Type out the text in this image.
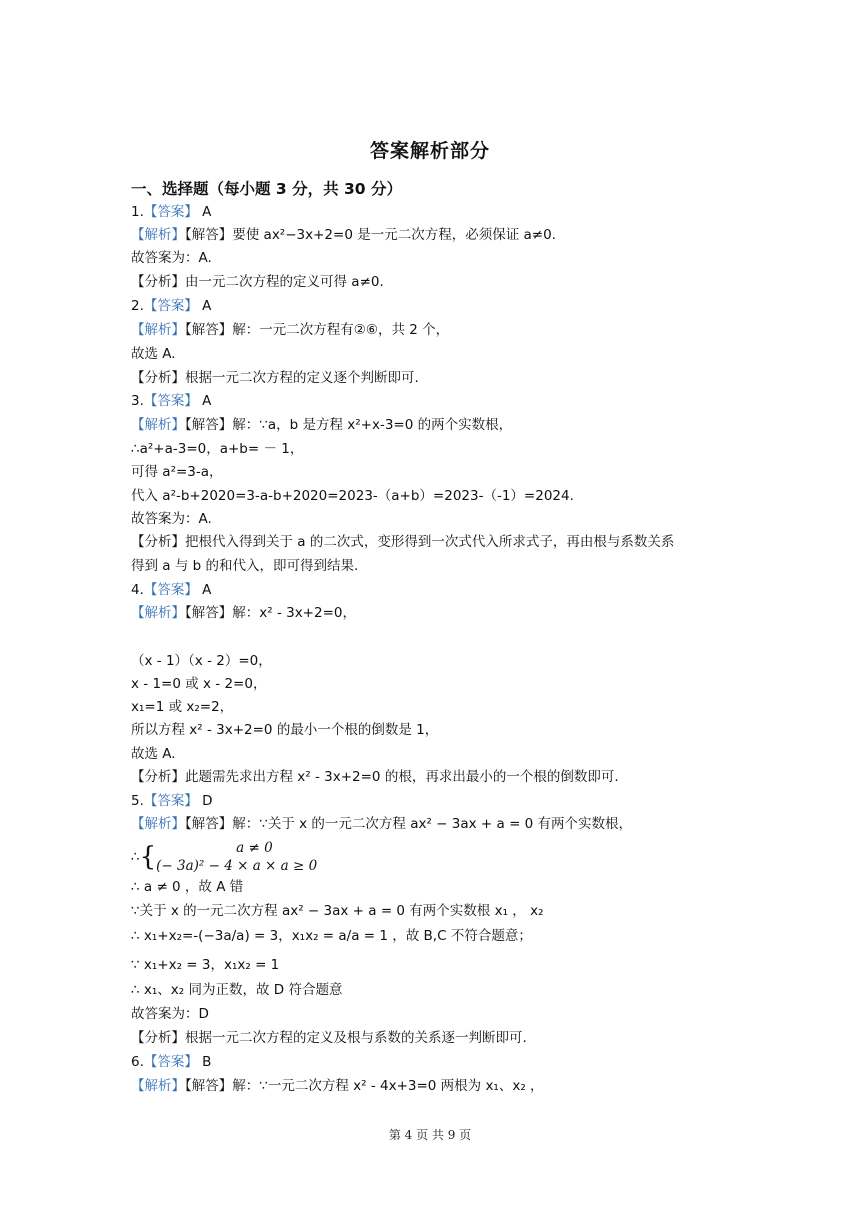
答案解析部分
一、选择题（每小题 3 分，共 30 分）
1.【答案】 A
【解析】【解答】要使 ax²−3x+2=0 是一元二次方程，必须保证 a≠0.
故答案为：A.
【分析】由一元二次方程的定义可得 a≠0.
2.【答案】 A
【解析】【解答】解：一元二次方程有②⑥，共 2 个，
故选 A.
【分析】根据一元二次方程的定义逐个判断即可.
3.【答案】 A
【解析】【解答】解：∵a，b 是方程 x²+x-3=0 的两个实数根，
∴a²+a-3=0，a+b= － 1，
可得 a²=3-a，
代入 a²-b+2020=3-a-b+2020=2023-（a+b）=2023-（-1）=2024.
故答案为：A.
【分析】把根代入得到关于 a 的二次式，变形得到一次式代入所求式子，再由根与系数关系
得到 a 与 b 的和代入，即可得到结果.
4.【答案】 A
【解析】【解答】解：x² - 3x+2=0，
（x - 1）（x - 2）=0，
x - 1=0 或 x - 2=0，
x₁=1 或 x₂=2，
所以方程 x² - 3x+2=0 的最小一个根的倒数是 1，
故选 A.
【分析】此题需先求出方程 x² - 3x+2=0 的根，再求出最小的一个根的倒数即可.
5.【答案】 D
【解析】【解答】解：∵关于 x 的一元二次方程 ax² − 3ax + a = 0 有两个实数根，
∴{	a ≠ 0
(− 3a)² − 4 × a × a ≥ 0
∴ a ≠ 0 ，故 A 错
∵关于 x 的一元二次方程 ax² − 3ax + a = 0 有两个实数根 x₁ ， x₂
∴ x₁+x₂=-(−3a/a) = 3，x₁x₂ = a/a = 1 ，故 B,C 不符合题意；
∵ x₁+x₂ = 3，x₁x₂ = 1
∴ x₁、x₂ 同为正数，故 D 符合题意
故答案为：D
【分析】根据一元二次方程的定义及根与系数的关系逐一判断即可.
6.【答案】 B
【解析】【解答】解：∵一元二次方程 x² - 4x+3=0 两根为 x₁、x₂ ，
第 4 页 共 9 页
